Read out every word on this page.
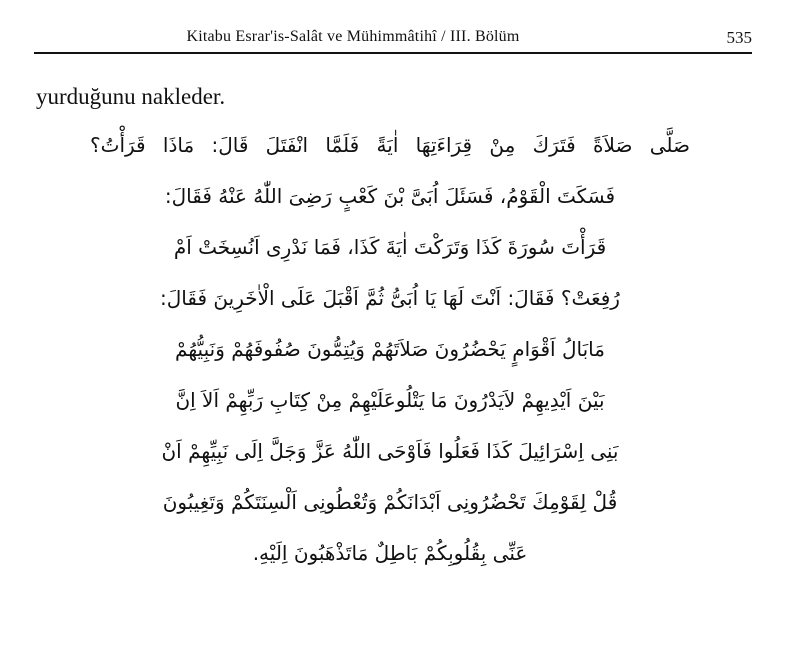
Kitabu Esrar'is-Salât ve Mühimmâtihî / III. Bölüm	535
yurduğunu nakleder.
صَلَّى صَلاَةً فَتَرَكَ مِنْ قِرَاءَتِهَا اٰيَةً فَلَمَّا انْفَتَلَ قَالَ: مَاذَا قَرَأْتُ؟
فَسَكَتَ الْقَوْمُ، فَسَئَلَ اُبَىَّ بْنَ كَعْبٍ رَضِىَ اللّٰهُ عَنْهُ فَقَالَ:
قَرَأْتَ سُورَةَ كَذَا وَتَرَكْتَ اٰيَةَ كَذَا، فَمَا نَدْرِى اَنُسِخَتْ اَمْ
رُفِعَتْ؟ فَقَالَ: اَنْتَ لَهَا يَا اُبَىُّ ثُمَّ اَقْبَلَ عَلَى الْاٰخَرِينَ فَقَالَ:
مَابَالُ اَقْوَامٍ يَحْضُرُونَ صَلاَتَهُمْ وَيُتِمُّونَ صُفُوفَهُمْ وَنَبِيُّهُمْ
بَيْنَ اَيْدِيهِمْ لاَيَدْرُونَ مَا يَتْلُوعَلَيْهِمْ مِنْ كِتَابِ رَبِّهِمْ اَلاَ اِنَّ
بَنِى اِسْرَائِيلَ كَذَا فَعَلُوا فَاَوْحَى اللّٰهُ عَزَّ وَجَلَّ اِلَى نَبِيِّهِمْ اَنْ
قُلْ لِقَوْمِكَ تَحْضُرُونِى اَبْدَانَكُمْ وَتُعْطُونِى اَلْسِنَتَكُمْ وَتَغِيبُونَ
عَنِّى بِقُلُوبِكُمْ بَاطِلٌ مَاتَذْهَبُونَ اِلَيْهِ.
